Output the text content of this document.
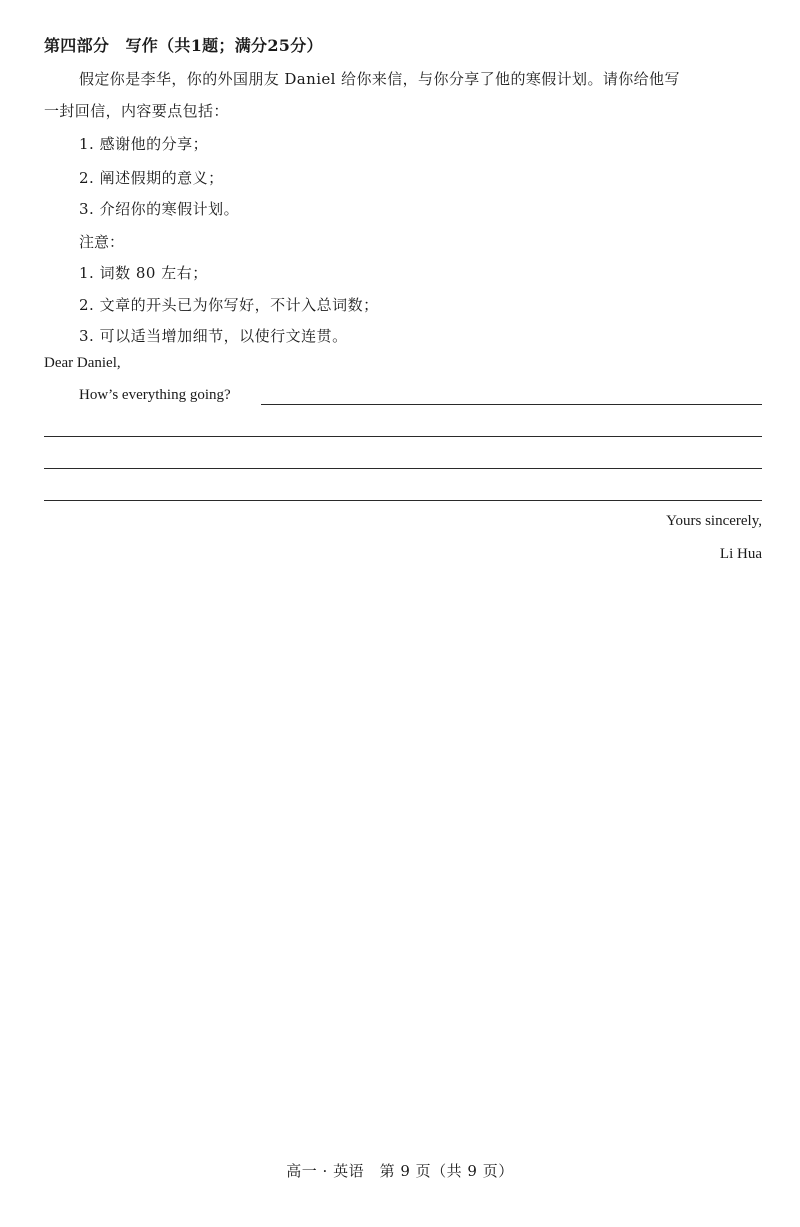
第四部分　写作（共1题；满分25分）
假定你是李华，你的外国朋友 Daniel 给你来信，与你分享了他的寒假计划。请你给他写
一封回信，内容要点包括：
1. 感谢他的分享；
2. 阐述假期的意义；
3. 介绍你的寒假计划。
注意：
1. 词数 80 左右；
2. 文章的开头已为你写好，不计入总词数；
3. 可以适当增加细节，以使行文连贯。
Dear Daniel,
How’s everything going?
Yours sincerely,
Li Hua
高一 · 英语　第 9 页（共 9 页）
